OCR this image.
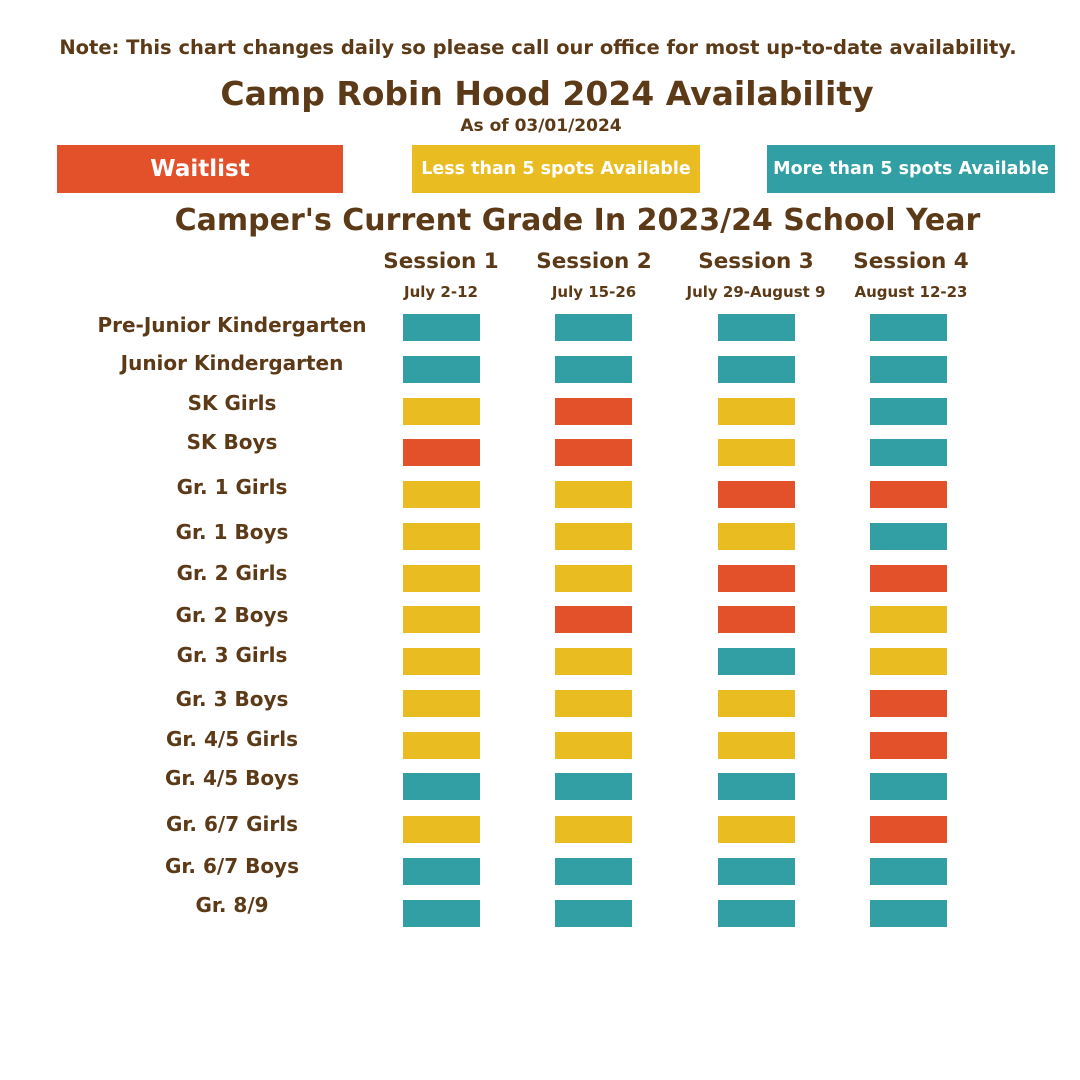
Note: This chart changes daily so please call our office for most up-to-date availability.
Camp Robin Hood 2024 Availability
As of 03/01/2024
Waitlist	Less than 5 spots Available	More than 5 spots Available
Camper's Current Grade In 2023/24 School Year
Session 1
July 2-12
Session 2
July 15-26
Session 3
July 29-August 9
Session 4
August 12-23
Pre-Junior Kindergarten
Junior Kindergarten
SK Girls
SK Boys
Gr. 1 Girls
Gr. 1 Boys
Gr. 2 Girls
Gr. 2 Boys
Gr. 3 Girls
Gr. 3 Boys
Gr. 4/5 Girls
Gr. 4/5 Boys
Gr. 6/7 Girls
Gr. 6/7 Boys
Gr. 8/9
